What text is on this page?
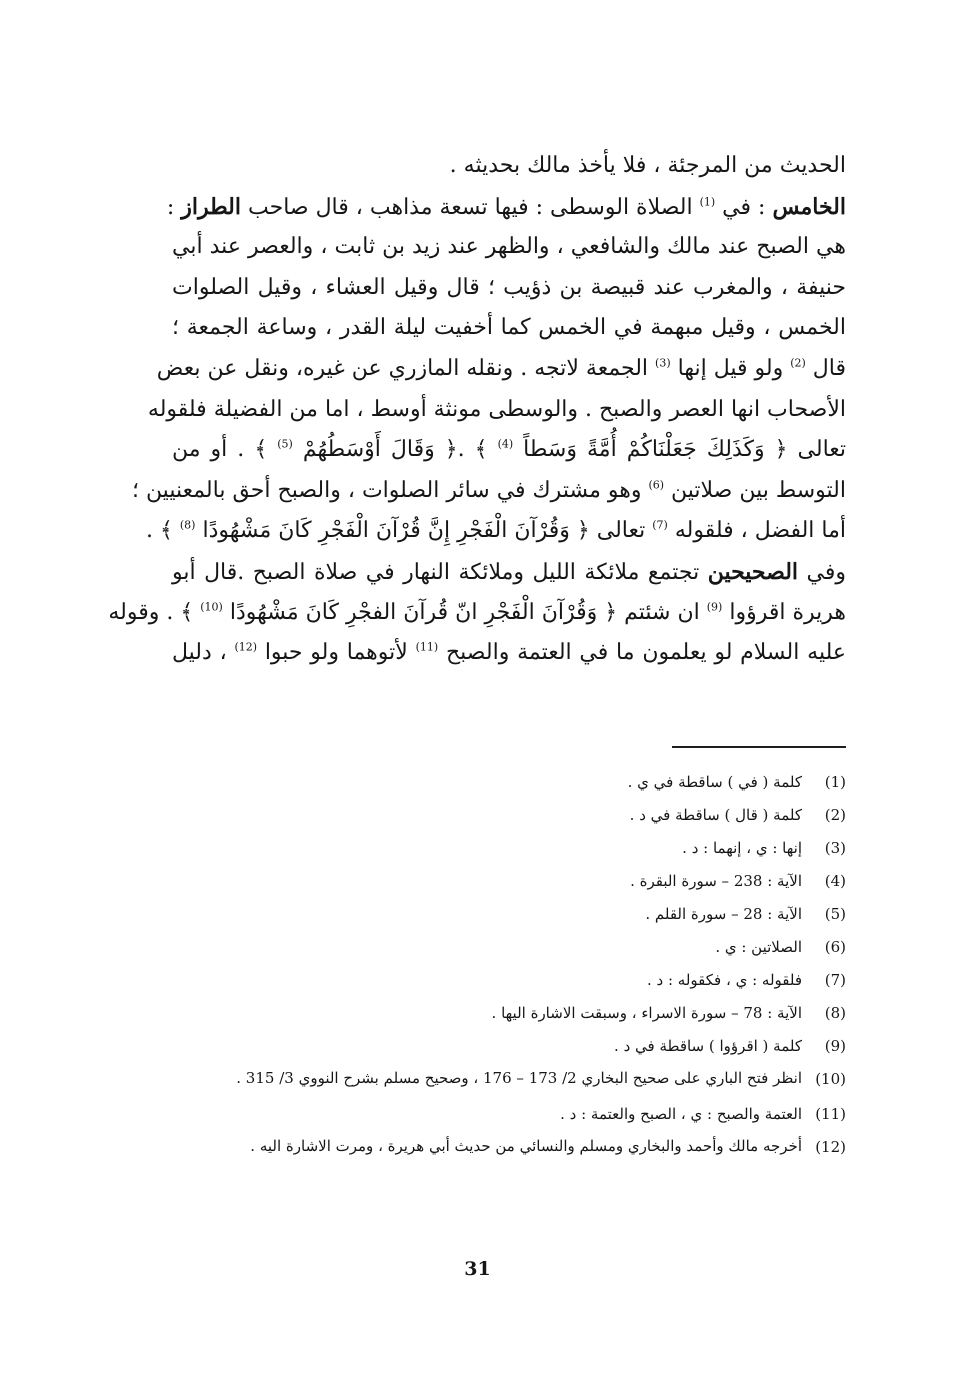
الحديث من المرجئة ، فلا يأخذ مالك بحديثه .
الخامس : في $^{(1)}$ الصلاة الوسطى : فيها تسعة مذاهب ، قال صاحب الطراز :
هي الصبح عند مالك والشافعي ، والظهر عند زيد بن ثابت ، والعصر عند أبي
حنيفة ، والمغرب عند قبيصة بن ذؤيب ؛ قال وقيل العشاء ، وقيل الصلوات
الخمس ، وقيل مبهمة في الخمس كما أخفيت ليلة القدر ، وساعة الجمعة ؛
قال $^{(2)}$ ولو قيل إنها $^{(3)}$ الجمعة لاتجه . ونقله المازري عن غيره، ونقل عن بعض
الأصحاب انها العصر والصبح . والوسطى مونثة أوسط ، اما من الفضيلة فلقوله
تعالى ﴿ وَكَذَلِكَ جَعَلْنَاكُمْ أُمَّةً وَسَطاً $^{(4)}$ ﴾ .﴿ وَقَالَ أَوْسَطُهُمْ $^{(5)}$ ﴾ . أو من
التوسط بين صلاتين $^{(6)}$ وهو مشترك في سائر الصلوات ، والصبح أحق بالمعنيين ؛
أما الفضل ، فلقوله $^{(7)}$ تعالى ﴿ وَقُرْآنَ الْفَجْرِ إِنَّ قُرْآنَ الْفَجْرِ كَانَ مَشْهُودًا $^{(8)}$ ﴾ .
وفي الصحيحين تجتمع ملائكة الليل وملائكة النهار في صلاة الصبح .قال أبو
هريرة اقرؤوا $^{(9)}$ ان شئتم ﴿ وَقُرْآنَ الْفَجْرِ انّ قُرآنَ الفجْرِ كَانَ مَشْهُودًا $^{(10)}$ ﴾ . وقوله
عليه السلام لو يعلمون ما في العتمة والصبح $^{(11)}$ لأتوهما ولو حبوا $^{(12)}$ ، دليل
(1)
كلمة ( في ) ساقطة في ي .
(2)
كلمة ( قال ) ساقطة في د .
(3)
إنها : ي ، إنهما : د .
(4)
الآية : 238 – سورة البقرة .
(5)
الآية : 28 – سورة القلم .
(6)
الصلاتين : ي .
(7)
فلقوله : ي ، فكقوله : د .
(8)
الآية : 78 – سورة الاسراء ، وسبقت الاشارة اليها .
(9)
كلمة ( اقرؤوا ) ساقطة في د .
(10)
انظر فتح الباري على صحيح البخاري 2/ 173 – 176 ، وصحيح مسلم بشرح النووي 3/ 315 .
(11)
العتمة والصبح : ي ، الصبح والعتمة : د .
(12)
أخرجه مالك وأحمد والبخاري ومسلم والنسائي من حديث أبي هريرة ، ومرت الاشارة اليه .
31
